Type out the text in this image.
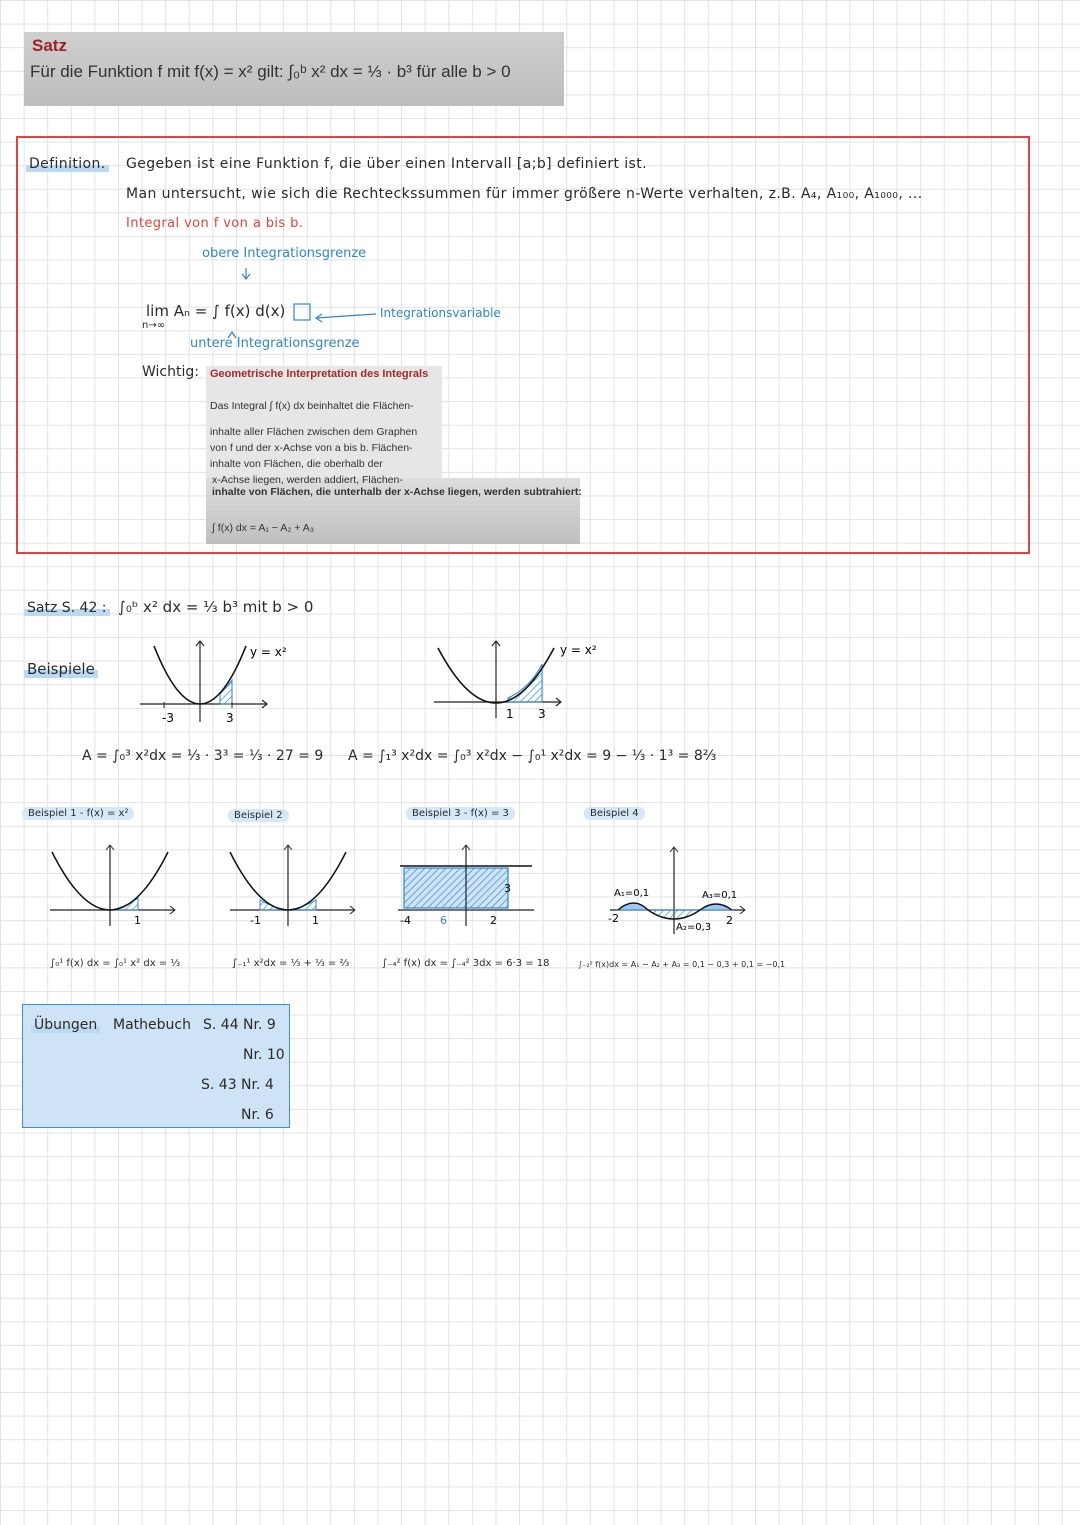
Satz
Für die Funktion f mit f(x) = x² gilt: ∫₀ᵇ x² dx = ⅓ · b³ für alle b > 0
Definition. Gegeben ist eine Funktion f, die über einen Intervall [a;b] definiert ist.
Man untersucht, wie sich die Rechteckssummen für immer größere n-Werte verhalten, z.B. A₄, A₁₀₀, A₁₀₀₀, ...
Integral von f von a bis b.
obere Integrationsgrenze
lim Aₙ = ∫ f(x) d(x)
n→∞
Integrationsvariable
untere Integrationsgrenze
Wichtig: Geometrische Interpretation des Integrals
Das Integral ∫ f(x) dx beinhaltet die Flächen-
inhalte aller Flächen zwischen dem Graphen
von f und der x-Achse von a bis b. Flächen-
inhalte von Flächen, die oberhalb der
x-Achse liegen, werden addiert, Flächen-
inhalte von Flächen, die unterhalb der x-Achse liegen, werden subtrahiert:
∫ f(x) dx = A₁ − A₂ + A₃
Satz S. 42 : ∫₀ᵇ x² dx = ⅓ b³ mit b > 0
Beispiele
-3	3
y = x²
1 3
y = x²
A = ∫₀³ x²dx = ⅓ · 3³ = ⅓ · 27 = 9 A = ∫₁³ x²dx = ∫₀³ x²dx − ∫₀¹ x²dx = 9 − ⅓ · 1³ = 8⅔
Beispiel 1 - f(x) = x²	Beispiel 2	Beispiel 3 - f(x) = 3	Beispiel 4
1	-1	1	-4	6	2
3	A₁=0,1	A₃=0,1
A₂=0,3
-2	2
∫₀¹ f(x) dx = ∫₀¹ x² dx = ⅓	∫₋₁¹ x²dx = ⅓ + ⅓ = ⅔	∫₋₄² f(x) dx = ∫₋₄² 3dx = 6·3 = 18	∫₋₂² f(x)dx = A₁ − A₂ + A₃ = 0,1 − 0,3 + 0,1 = −0,1
Übungen Mathebuch S. 44 Nr. 9
Nr. 10
S. 43 Nr. 4
Nr. 6
